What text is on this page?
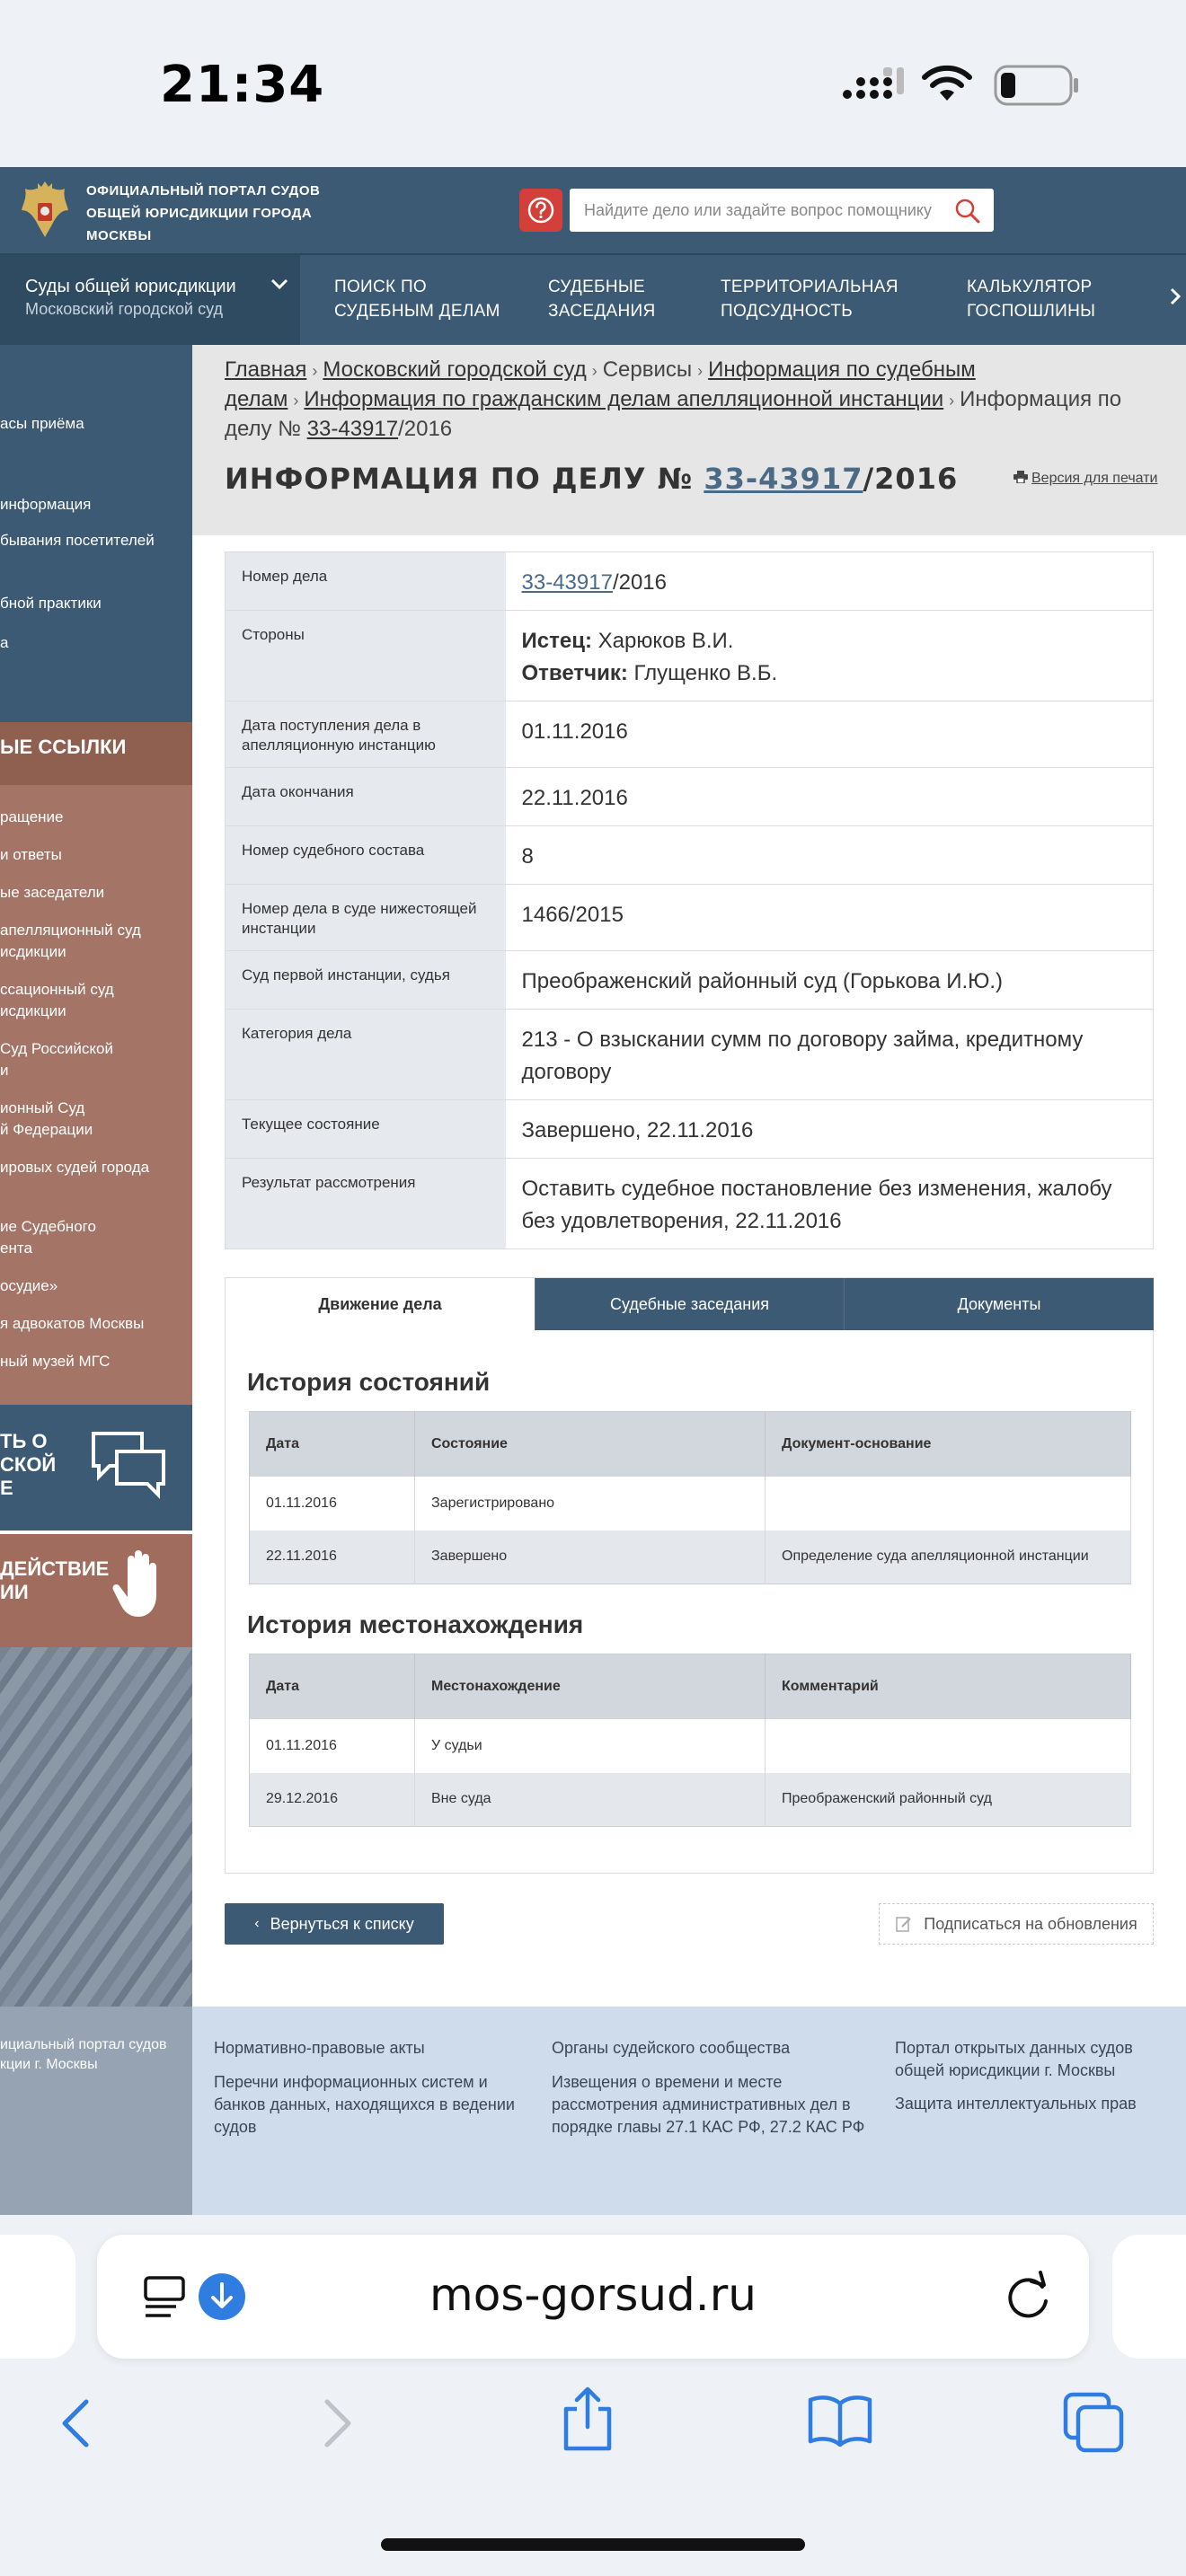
21:34
ОФИЦИАЛЬНЫЙ ПОРТАЛ СУДОВ ОБЩЕЙ ЮРИСДИКЦИИ ГОРОДА МОСКВЫ
Найдите дело или задайте вопрос помощнику
Суды общей юрисдикции
Московский городской суд
ПОИСК ПО
СУДЕБНЫМ ДЕЛАМ
СУДЕБНЫЕ
ЗАСЕДАНИЯ
ТЕРРИТОРИАЛЬНАЯ
ПОДСУДНОСТЬ
КАЛЬКУЛЯТОР
ГОСПОШЛИНЫ
асы приёма
информация
бывания посетителей
бной практики
а
ЫЕ ССЫЛКИ
ращение
и ответы
ые заседатели
апелляционный суд
исдикции
ссационный суд
исдикции
Суд Российской
и
ионный Суд
й Федерации
ировых судей города
ие Судебного
ента
осудие»
я адвокатов Москвы
ный музей МГС
ТЬ О
СКОЙ
Е
ДЕЙСТВИЕ
ИИ
Главная › Московский городской суд › Сервисы › Информация по судебным делам › Информация по гражданским делам апелляционной инстанции › Информация по делу № 33-43917/2016
ИНФОРМАЦИЯ ПО ДЕЛУ № 33-43917/2016	Версия для печати
Номер дела	33-43917/2016
Стороны	Истец: Харюков В.И.
Ответчик: Глущенко В.Б.

Дата поступления дела в апелляционную инстанцию	01.11.2016
Дата окончания	22.11.2016
Номер судебного состава	8
Номер дела в суде нижестоящей инстанции	1466/2015
Суд первой инстанции, судья	Преображенский районный суд (Горькова И.Ю.)
Категория дела	213 - О взыскании сумм по договору займа, кредитному договору
Текущее состояние	Завершено, 22.11.2016
Результат рассмотрения	Оставить судебное постановление без изменения, жалобу без удовлетворения, 22.11.2016
Движение дела	Судебные заседания	Документы
История состояний
Дата	Состояние	Документ-основание
01.11.2016	Зарегистрировано	
22.11.2016	Завершено	Определение суда апелляционной инстанции
История местонахождения
Дата	Местонахождение	Комментарий
01.11.2016	У судьи	
29.12.2016	Вне суда	Преображенский районный суд
‹ Вернуться к списку	Подписаться на обновления
ициальный портал судов
кции г. Москвы
Нормативно-правовые акты
Перечни информационных систем и банков данных, находящихся в ведении судов
Органы судейского сообщества
Извещения о времени и месте рассмотрения административных дел в порядке главы 27.1 КАС РФ, 27.2 КАС РФ
Портал открытых данных судов общей юрисдикции г. Москвы
Защита интеллектуальных прав
mos-gorsud.ru
